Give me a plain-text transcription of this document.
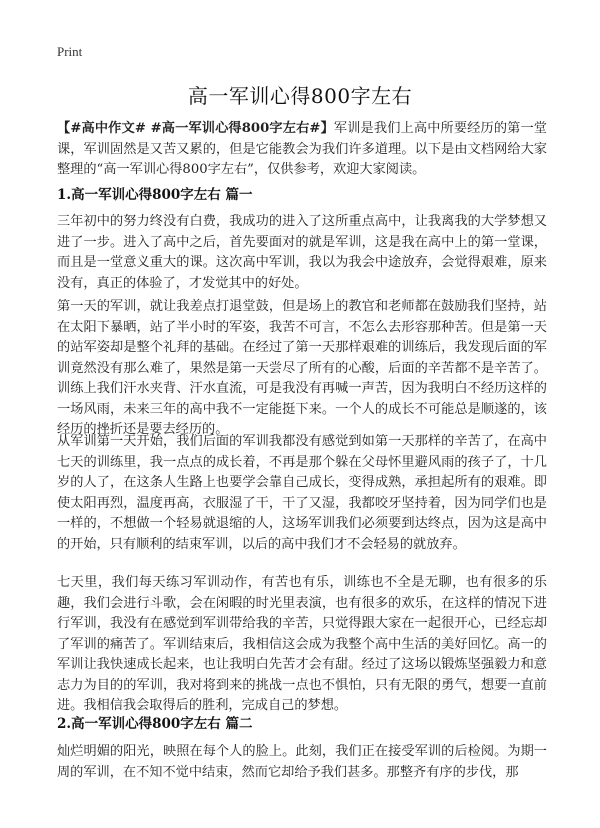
Print
高一军训心得800字左右
【#高中作文# #高一军训心得800字左右#】军训是我们上高中所要经历的第一堂课，军训固然是又苦又累的，但是它能教会为我们许多道理。以下是由文档网给大家整理的“高一军训心得800字左右”，仅供参考，欢迎大家阅读。
1.高一军训心得800字左右 篇一
三年初中的努力终没有白费，我成功的进入了这所重点高中，让我离我的大学梦想又进了一步。进入了高中之后，首先要面对的就是军训，这是我在高中上的第一堂课，而且是一堂意义重大的课。这次高中军训，我以为我会中途放弃，会觉得艰难，原来没有，真正的体验了，才发觉其中的好处。
第一天的军训，就让我差点打退堂鼓，但是场上的教官和老师都在鼓励我们坚持，站在太阳下暴晒，站了半小时的军姿，我苦不可言，不怎么去形容那种苦。但是第一天的站军姿却是整个礼拜的基础。在经过了第一天那样艰难的训练后，我发现后面的军训竟然没有那么难了，果然是第一天尝尽了所有的心酸，后面的辛苦都不是辛苦了。训练上我们汗水夹背、汗水直流，可是我没有再喊一声苦，因为我明白不经历这样的一场风雨，未来三年的高中我不一定能挺下来。一个人的成长不可能总是顺遂的，该经历的挫折还是要去经历的。
从军训第一天开始，我们后面的军训我都没有感觉到如第一天那样的辛苦了，在高中七天的训练里，我一点点的成长着，不再是那个躲在父母怀里避风雨的孩子了，十几岁的人了，在这条人生路上也要学会靠自己成长，变得成熟，承担起所有的艰难。即使太阳再烈，温度再高，衣服湿了干，干了又湿，我都咬牙坚持着，因为同学们也是一样的，不想做一个轻易就退缩的人，这场军训我们必须要到达终点，因为这是高中的开始，只有顺利的结束军训，以后的高中我们才不会轻易的就放弃。
七天里，我们每天练习军训动作，有苦也有乐，训练也不全是无聊，也有很多的乐趣，我们会进行斗歌，会在闲暇的时光里表演，也有很多的欢乐，在这样的情况下进行军训，我没有在感觉到军训带给我的辛苦，只觉得跟大家在一起很开心，已经忘却了军训的痛苦了。军训结束后，我相信这会成为我整个高中生活的美好回忆。高一的军训让我快速成长起来，也让我明白先苦才会有甜。经过了这场以锻炼坚强毅力和意志力为目的的军训，我对将到来的挑战一点也不惧怕，只有无限的勇气，想要一直前进。我相信我会取得后的胜利，完成自己的梦想。
2.高一军训心得800字左右 篇二
灿烂明媚的阳光，映照在每个人的脸上。此刻，我们正在接受军训的后检阅。为期一周的军训，在不知不觉中结束，然而它却给予我们甚多。那整齐有序的步伐，那
